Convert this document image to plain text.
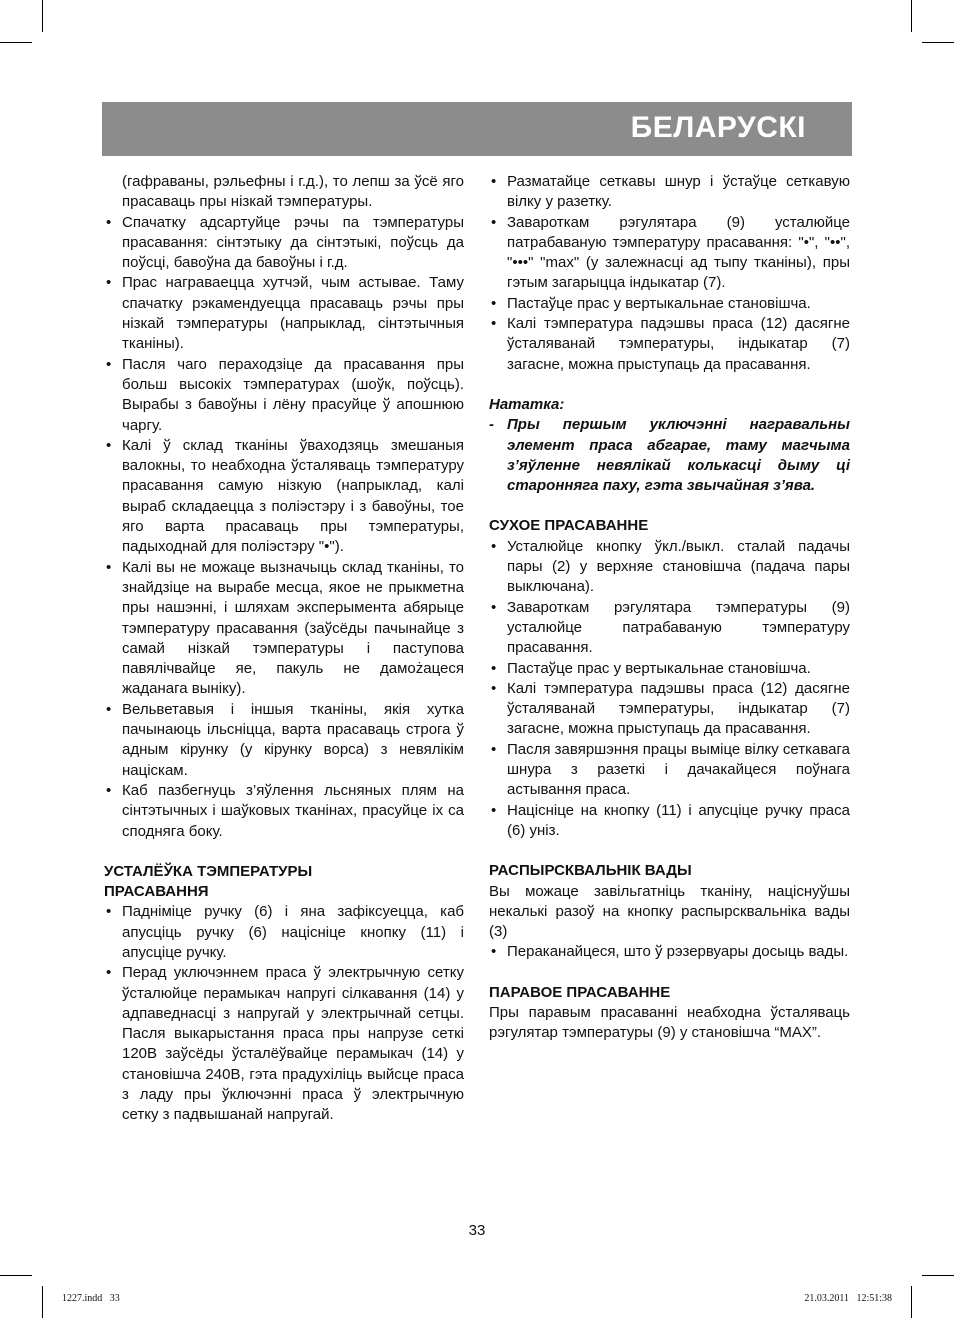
БЕЛАРУСКІ

(гафраваны, рэльефны і г.д.), то лепш за ўсё яго прасаваць пры нізкай тэмпературы.

• Спачатку адсартуйце рэчы па тэмпературы прасавання: сінтэтыку да сінтэтыкі, поўсць да поўсці, бавоўна да бавоўны і г.д.
• Прас награваецца хутчэй, чым астывае. Таму спачатку рэкамендуецца прасаваць рэчы пры нізкай тэмпературы (напрыклад, сінтэтычныя тканіны).
• Пасля чаго пераходзіце да прасавання пры больш высокіх тэмпературах (шоўк, поўсць). Вырабы з бавоўны і лёну прасуйце ў апошнюю чаргу.
• Калі ў склад тканіны ўваходзяць змешаныя валокны, то неабходна ўсталяваць тэмпературу прасавання самую нізкую (напрыклад, калі выраб складаецца з поліэстэру і з бавоўны, тое яго варта прасаваць пры тэмпературы, падыходнай для поліэстэру "•").
• Калі вы не можаце вызначыць склад тканіны, то знайдзіце на вырабе месца, якое не прыкметна пры нашэнні, і шляхам эксперымента абярыце тэмпературу прасавання (заўсёды пачынайце з самай нізкай тэмпературы і паступова павялічвайце яе, пакуль не дамożацеся жаданага выніку).
• Вельветавыя і іншыя тканіны, якія хутка пачынаюць ільсніцца, варта прасаваць строга ў адным кірунку (у кірунку ворса) з невялікім націскам.
• Каб пазбегнуць з’яўлення льсняных плям на сінтэтычных і шаўковых тканінах, прасуйце іх са споднягa боку.
УСТАЛЁЎКА ТЭМПЕРАТУРЫ
ПРАСАВАННЯ
• Падніміце ручку (6) і яна зафіксуецца, каб апусціць ручку (6) націсніце кнопку (11) і апусціце ручку.
• Перад уключэннем праса ў электрычную сетку ўсталюйце перамыкач напругі сілкавання (14) у адпаведнасці з напругай у электрычнай сетцы. Пасля выкарыстання праса пры напрузе сеткі 120В заўсёды ўсталёўвайце перамыкач (14) у становішча 240В, гэта прадухіліць выйсце праса з ладу пры ўключэнні праса ў электрычную сетку з падвышанай напругай.
• Разматайце сеткавы шнур і ўстаўце сеткавую вілку у разетку.
• Завароткам рэгулятара (9) усталюйце патрабаваную тэмпературу прасавання: "•", "••", "•••" "max" (у залежнасці ад тыпу тканіны), пры гэтым загарыцца індыкатар (7).
• Пастаўце прас у вертыкальнае становішча.
• Калі тэмпература падэшвы праса (12) дасягне ўсталяванай тэмпературы, індыкатар (7) загасне, можна прыступаць да прасавання.

Нататка:

- Пры першым уключэнні награвальны элемент праса абгарае, таму магчыма з’яўленне невялікай колькасці дыму ці староннягa паху, гэта звычайная з’ява.
СУХОЕ ПРАСАВАННЕ
• Усталюйце кнопку ўкл./выкл. сталай падачы пары (2) у верхняе становішча (падача пары выключана).
• Завароткам рэгулятара тэмпературы (9) усталюйце патрабаваную тэмпературу прасавання.
• Пастаўце прас у вертыкальнае становішча.
• Калі тэмпература падэшвы праса (12) дасягне ўсталяванай тэмпературы, індыкатар (7) загасне, можна прыступаць да прасавання.
• Пасля завяршэння працы выміце вілку сеткавага шнура з разеткі і дачакайцеся поўнага астывання праса.
• Націсніце на кнопку (11) і апусціце ручку праса (6) уніз.
РАСПЫРСКВАЛЬНІК ВАДЫ

Вы можаце завільгатніць тканіну, націснуўшы некалькі разоў на кнопку распырсквальніка вады (3)

• Пераканайцеся, што ў рэзервуары досыць вады.
ПАРАВОЕ ПРАСАВАННЕ

Пры паравым прасаванні неабходна ўсталяваць рэгулятар тэмпературы (9) у становішча “MAX”.

33
1227.indd   33	21.03.2011   12:51:38
